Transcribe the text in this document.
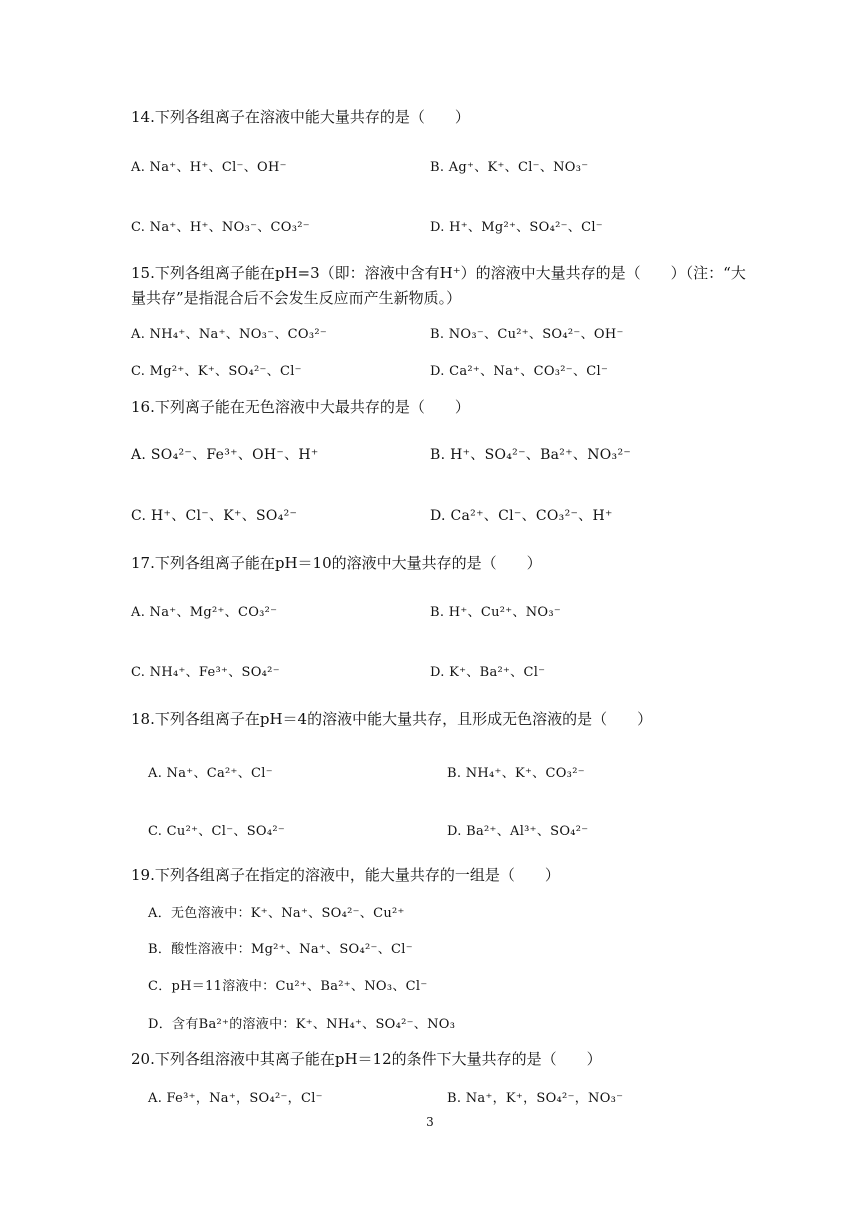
14.下列各组离子在溶液中能大量共存的是（　　）
A. Na⁺、H⁺、Cl⁻、OH⁻	B. Ag⁺、K⁺、Cl⁻、NO₃⁻
C. Na⁺、H⁺、NO₃⁻、CO₃²⁻	D. H⁺、Mg²⁺、SO₄²⁻、Cl⁻
15.下列各组离子能在pH=3（即：溶液中含有H⁺）的溶液中大量共存的是（　　）（注：“大
量共存”是指混合后不会发生反应而产生新物质。）
A. NH₄⁺、Na⁺、NO₃⁻、CO₃²⁻	B. NO₃⁻、Cu²⁺、SO₄²⁻、OH⁻
C. Mg²⁺、K⁺、SO₄²⁻、Cl⁻	D. Ca²⁺、Na⁺、CO₃²⁻、Cl⁻
16.下列离子能在无色溶液中大最共存的是（　　）
A. SO₄²⁻、Fe³⁺、OH⁻、H⁺	B. H⁺、SO₄²⁻、Ba²⁺、NO₃²⁻
C. H⁺、Cl⁻、K⁺、SO₄²⁻	D. Ca²⁺、Cl⁻、CO₃²⁻、H⁺
17.下列各组离子能在pH＝10的溶液中大量共存的是（　　）
A. Na⁺、Mg²⁺、CO₃²⁻	B. H⁺、Cu²⁺、NO₃⁻
C. NH₄⁺、Fe³⁺、SO₄²⁻	D. K⁺、Ba²⁺、Cl⁻
18.下列各组离子在pH＝4的溶液中能大量共存，且形成无色溶液的是（　　）
A. Na⁺、Ca²⁺、Cl⁻	B. NH₄⁺、K⁺、CO₃²⁻
C. Cu²⁺、Cl⁻、SO₄²⁻	D. Ba²⁺、Al³⁺、SO₄²⁻
19.下列各组离子在指定的溶液中，能大量共存的一组是（　　）
A．无色溶液中：K⁺、Na⁺、SO₄²⁻、Cu²⁺
B．酸性溶液中：Mg²⁺、Na⁺、SO₄²⁻、Cl⁻
C．pH＝11溶液中：Cu²⁺、Ba²⁺、NO₃、Cl⁻
D．含有Ba²⁺的溶液中：K⁺、NH₄⁺、SO₄²⁻、NO₃
20.下列各组溶液中其离子能在pH＝12的条件下大量共存的是（　　）
A. Fe³⁺，Na⁺，SO₄²⁻，Cl⁻	B. Na⁺，K⁺，SO₄²⁻，NO₃⁻
3
